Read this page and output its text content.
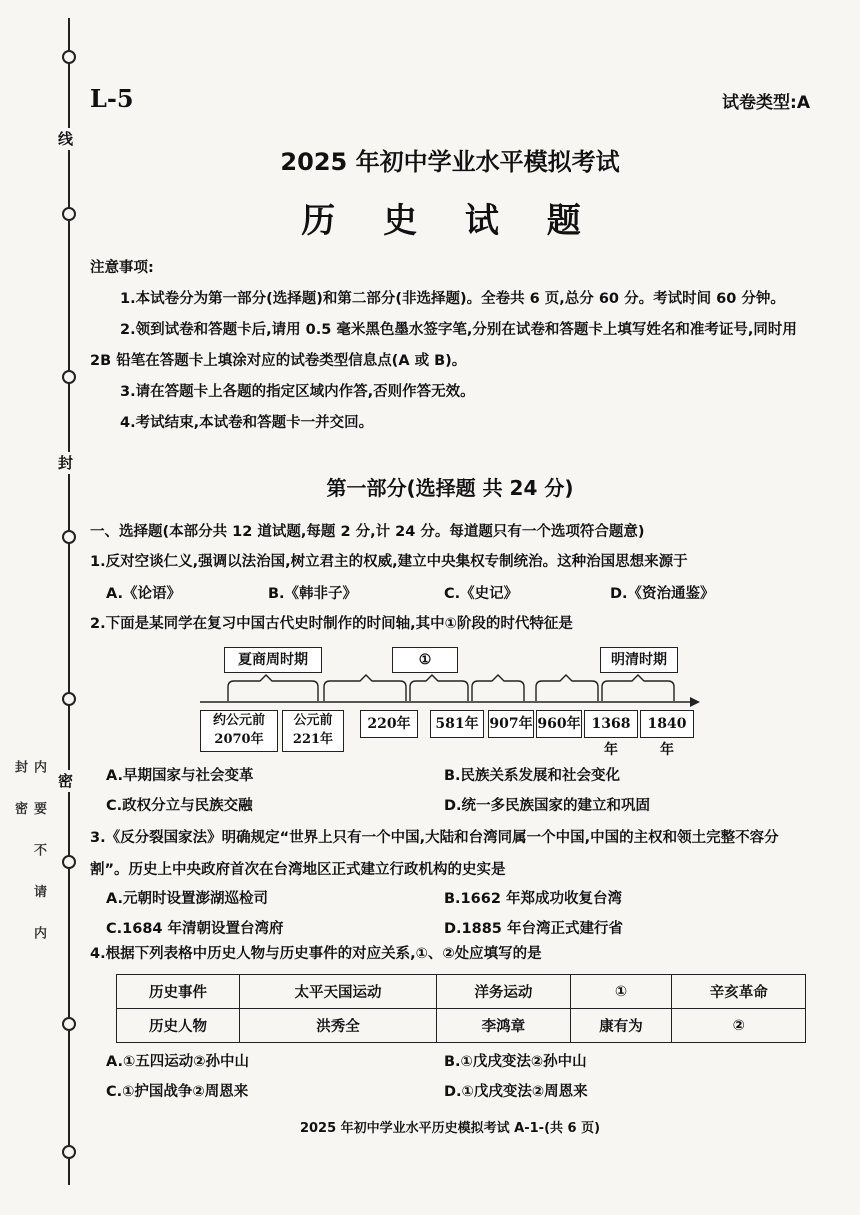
线
封
密
内 要 不 请 内 封 密
L-5	试卷类型:A
2025 年初中学业水平模拟考试
历 史 试 题

注意事项:

1.本试卷分为第一部分(选择题)和第二部分(非选择题)。全卷共 6 页,总分 60 分。考试时间 60 分钟。

2.领到试卷和答题卡后,请用 0.5 毫米黑色墨水签字笔,分别在试卷和答题卡上填写姓名和准考证号,同时用 2B 铅笔在答题卡上填涂对应的试卷类型信息点(A 或 B)。

3.请在答题卡上各题的指定区域内作答,否则作答无效。

4.考试结束,本试卷和答题卡一并交回。

第一部分(选择题 共 24 分)
一、选择题(本部分共 12 道试题,每题 2 分,计 24 分。每道题只有一个选项符合题意)
1.反对空谈仁义,强调以法治国,树立君主的权威,建立中央集权专制统治。这种治国思想来源于
A.《论语》	B.《韩非子》	C.《史记》	D.《资治通鉴》
2.下面是某同学在复习中国古代史时制作的时间轴,其中①阶段的时代特征是
夏商周时期	①	明清时期
约公元前2070年
公元前221年
220年	581年 907年 960年 1368年
1840年
A.早期国家与社会变革	B.民族关系发展和社会变化
C.政权分立与民族交融	D.统一多民族国家的建立和巩固
3.《反分裂国家法》明确规定“世界上只有一个中国,大陆和台湾同属一个中国,中国的主权和领土完整不容分割”。历史上中央政府首次在台湾地区正式建立行政机构的史实是
A.元朝时设置澎湖巡检司	B.1662 年郑成功收复台湾
C.1684 年清朝设置台湾府	D.1885 年台湾正式建行省
4.根据下列表格中历史人物与历史事件的对应关系,①、②处应填写的是
历史事件	太平天国运动	洋务运动	①	辛亥革命
历史人物	洪秀全	李鸿章	康有为	②
A.①五四运动②孙中山	B.①戊戌变法②孙中山
C.①护国战争②周恩来	D.①戊戌变法②周恩来
2025 年初中学业水平历史模拟考试 A-1-(共 6 页)
